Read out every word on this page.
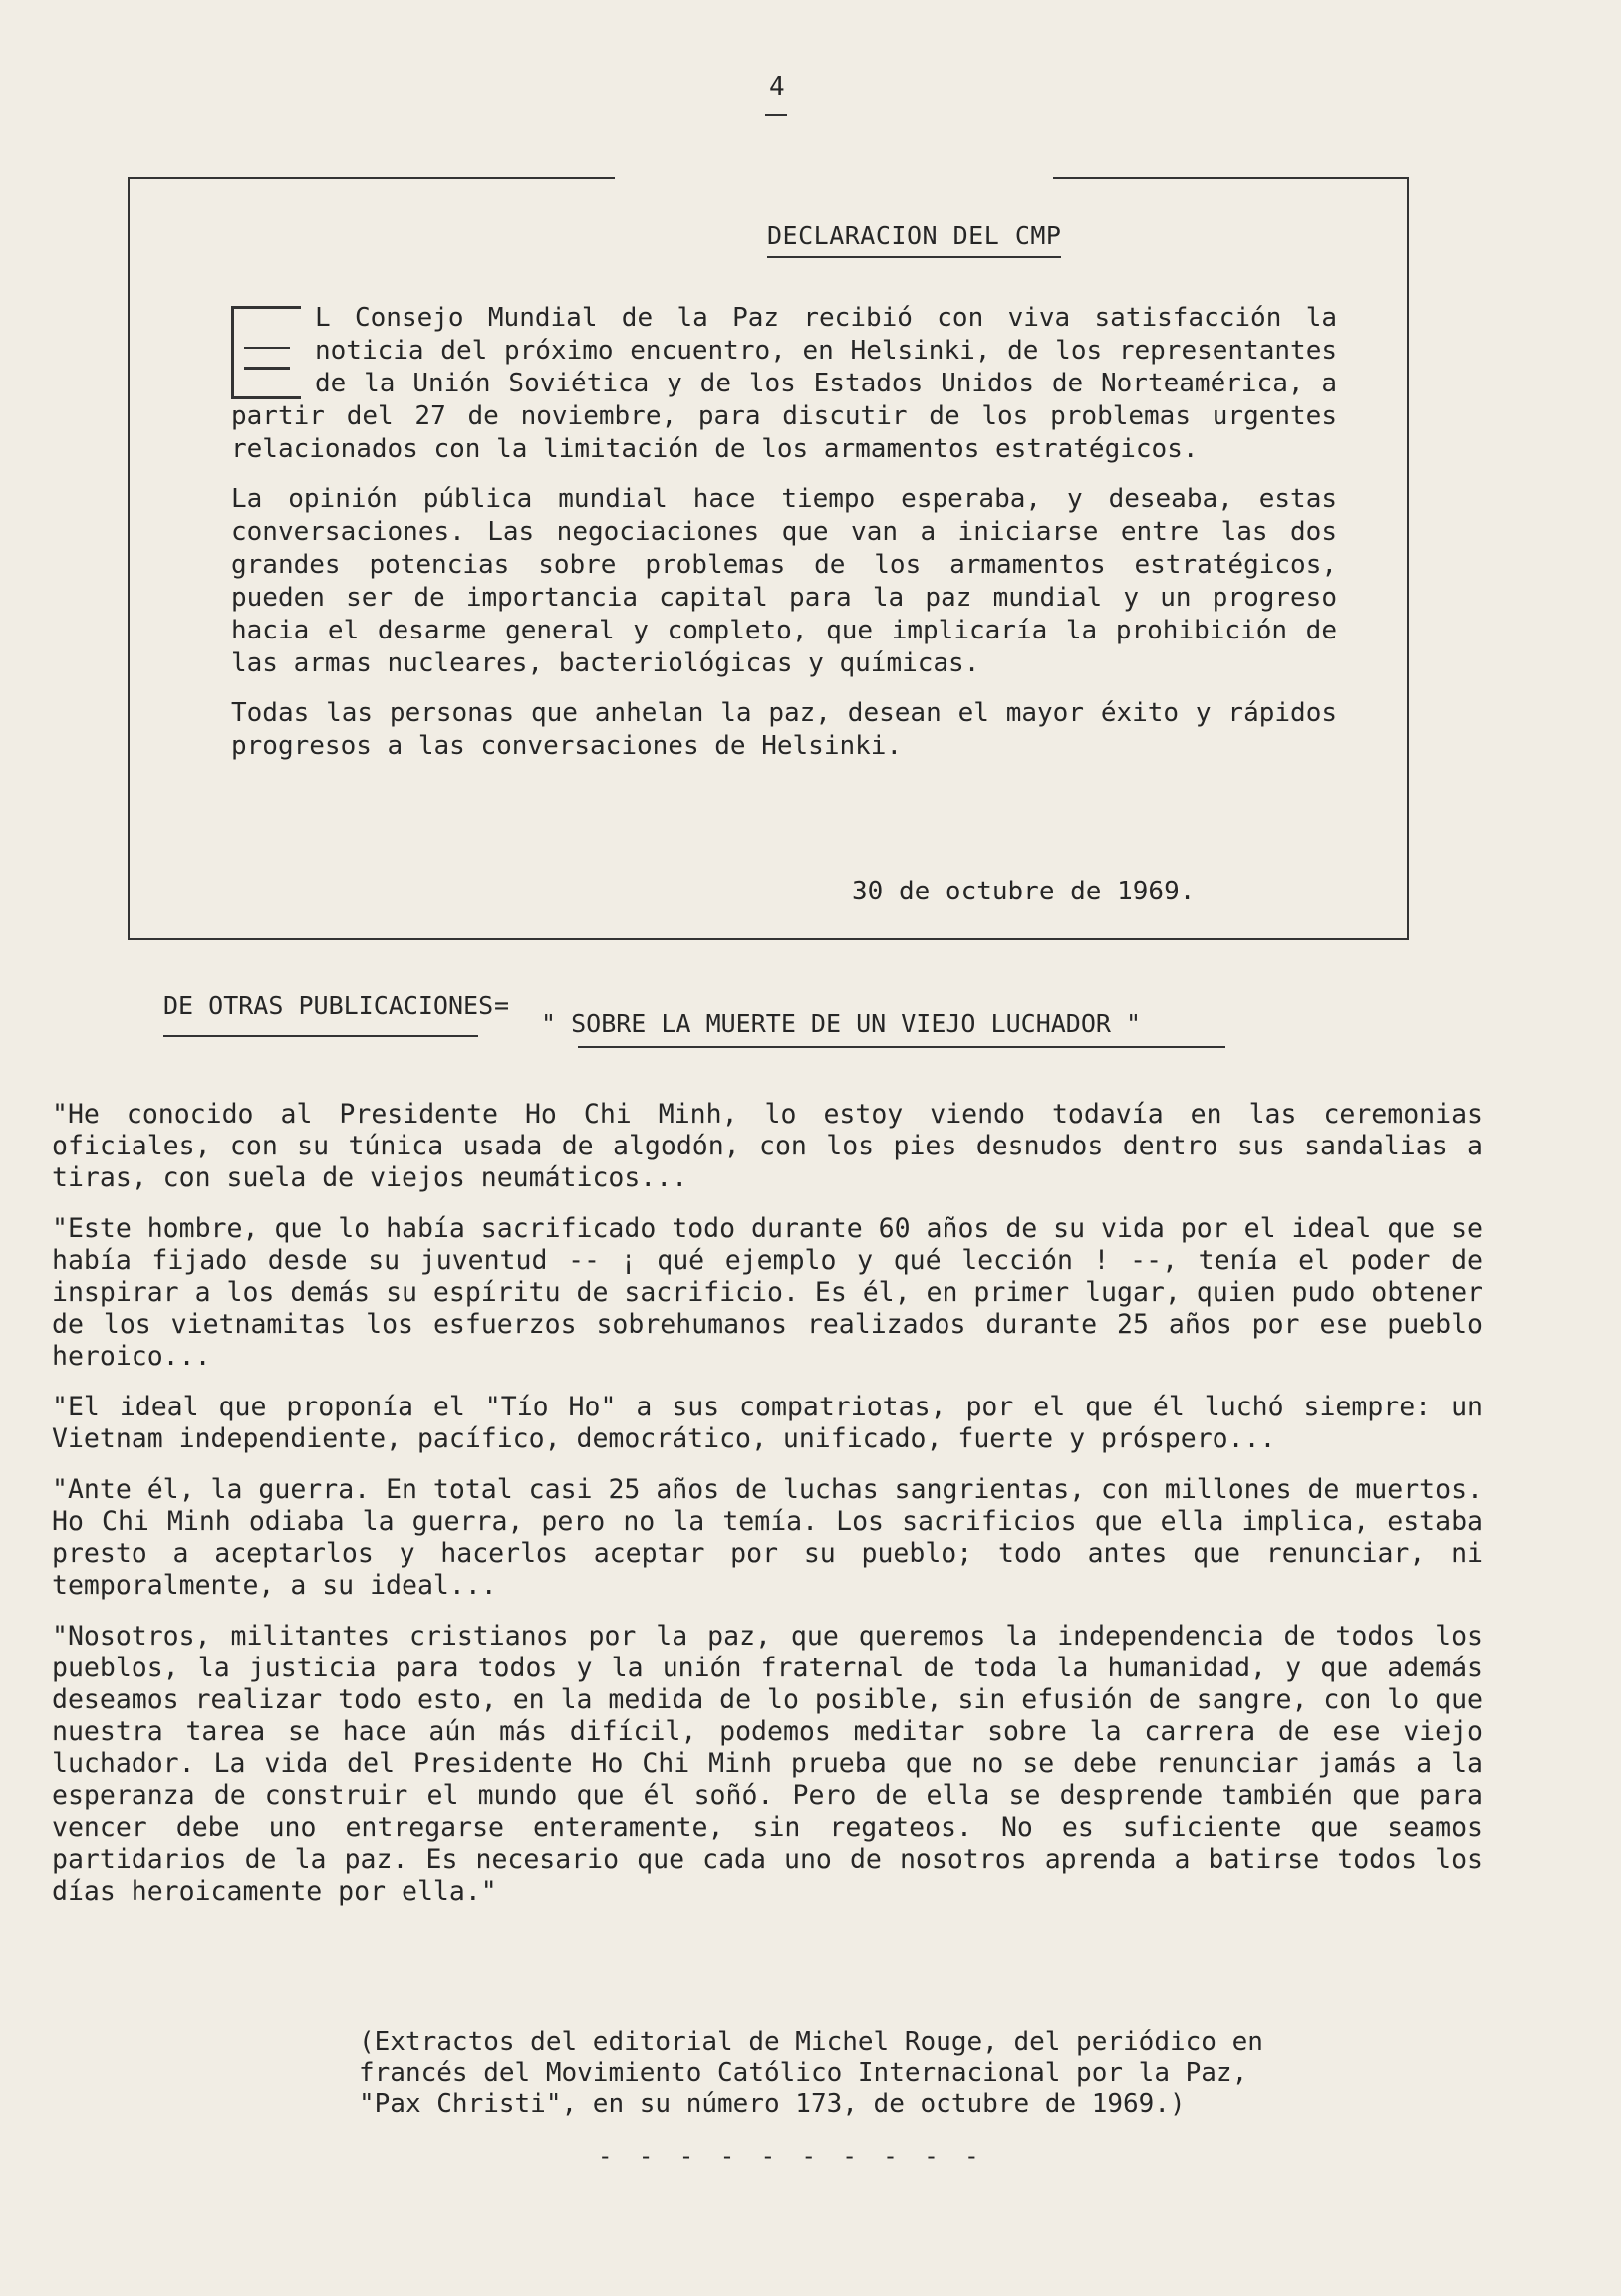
4
DECLARACION DEL CMP

L Consejo Mundial de la Paz recibió con viva satisfacción la noticia del próximo encuentro, en Helsinki, de los representantes de la Unión Soviética y de los Estados Unidos de Norteamérica, a partir del 27 de noviembre, para discutir de los problemas urgentes relacionados con la limitación de los armamentos estratégicos.

La opinión pública mundial hace tiempo esperaba, y deseaba, estas conversaciones. Las negociaciones que van a iniciarse entre las dos grandes potencias sobre problemas de los armamentos estratégicos, pueden ser de importancia capital para la paz mundial y un progreso hacia el desarme general y completo, que implicaría la prohibición de las armas nucleares, bacteriológicas y químicas.

Todas las personas que anhelan la paz, desean el mayor éxito y rápidos progresos a las conversaciones de Helsinki.

30 de octubre de 1969.
DE OTRAS PUBLICACIONES =
" SOBRE LA MUERTE DE UN VIEJO LUCHADOR "

"He conocido al Presidente Ho Chi Minh, lo estoy viendo todavía en las ceremonias oficiales, con su túnica usada de algodón, con los pies desnudos dentro sus sandalias a tiras, con suela de viejos neumáticos...

"Este hombre, que lo había sacrificado todo durante 60 años de su vida por el ideal que se había fijado desde su juventud -- ¡ qué ejemplo y qué lección ! --, tenía el poder de inspirar a los demás su espíritu de sacrificio. Es él, en primer lugar, quien pudo obtener de los vietnamitas los esfuerzos sobrehumanos realizados durante 25 años por ese pueblo heroico...

"El ideal que proponía el "Tío Ho" a sus compatriotas, por el que él luchó siempre: un Vietnam independiente, pacífico, democrático, unificado, fuerte y próspero...

"Ante él, la guerra. En total casi 25 años de luchas sangrientas, con millones de muertos. Ho Chi Minh odiaba la guerra, pero no la temía. Los sacrificios que ella implica, estaba presto a aceptarlos y hacerlos aceptar por su pueblo; todo antes que renunciar, ni temporalmente, a su ideal...

"Nosotros, militantes cristianos por la paz, que queremos la independencia de todos los pueblos, la justicia para todos y la unión fraternal de toda la humanidad, y que además deseamos realizar todo esto, en la medida de lo posible, sin efusión de sangre, con lo que nuestra tarea se hace aún más difícil, podemos meditar sobre la carrera de ese viejo luchador. La vida del Presidente Ho Chi Minh prueba que no se debe renunciar jamás a la esperanza de construir el mundo que él soñó. Pero de ella se desprende también que para vencer debe uno entregarse enteramente, sin regateos. No es suficiente que seamos partidarios de la paz. Es necesario que cada uno de nosotros aprenda a batirse todos los días heroicamente por ella."

(Extractos del editorial de Michel Rouge, del periódico en

francés del Movimiento Católico Internacional por la Paz,

"Pax Christi", en su número 173, de octubre de 1969.)

- - - - - - - - - -
